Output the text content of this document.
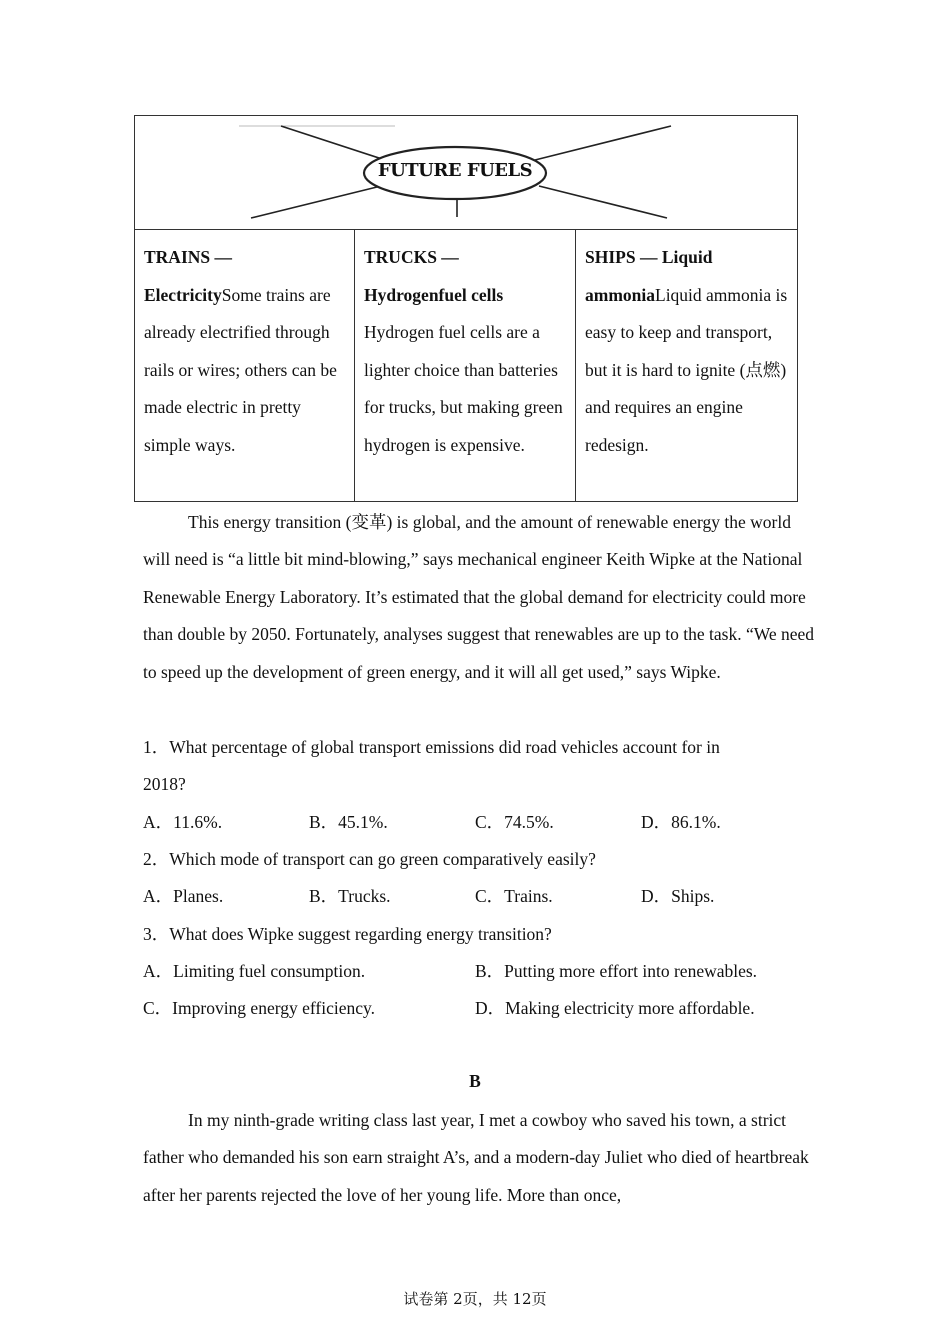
FUTURE FUELS
TRAINS —
ElectricitySome trains are already electrified through rails or wires; others can be made electric in pretty simple ways.
TRUCKS —
Hydrogenfuel cells
Hydrogen fuel cells are a lighter choice than batteries for trucks, but making green hydrogen is expensive.
SHIPS — Liquid
ammoniaLiquid ammonia is easy to keep and transport, but it is hard to ignite (点燃) and requires an engine redesign.

This energy transition (变革) is global, and the amount of renewable energy the world will need is “a little bit mind-blowing,” says mechanical engineer Keith Wipke at the National Renewable Energy Laboratory. It’s estimated that the global demand for electricity could more than double by 2050. Fortunately, analyses suggest that renewables are up to the task. “We need to speed up the development of green energy, and it will all get used,” says Wipke.

1．What percentage of global transport emissions did road vehicles account for in
2018?
A．11.6%.	B．45.1%.	C．74.5%.	D．86.1%.
2．Which mode of transport can go green comparatively easily?
A．Planes.	B．Trucks.	C．Trains.	D．Ships.
3．What does Wipke suggest regarding energy transition?
A．Limiting fuel consumption.	B．Putting more effort into renewables.
C．Improving energy efficiency.	D．Making electricity more affordable.
B

In my ninth-grade writing class last year, I met a cowboy who saved his town, a strict father who demanded his son earn straight A’s, and a modern-day Juliet who died of heartbreak after her parents rejected the love of her young life. More than once,

试卷第 2页，共 12页
